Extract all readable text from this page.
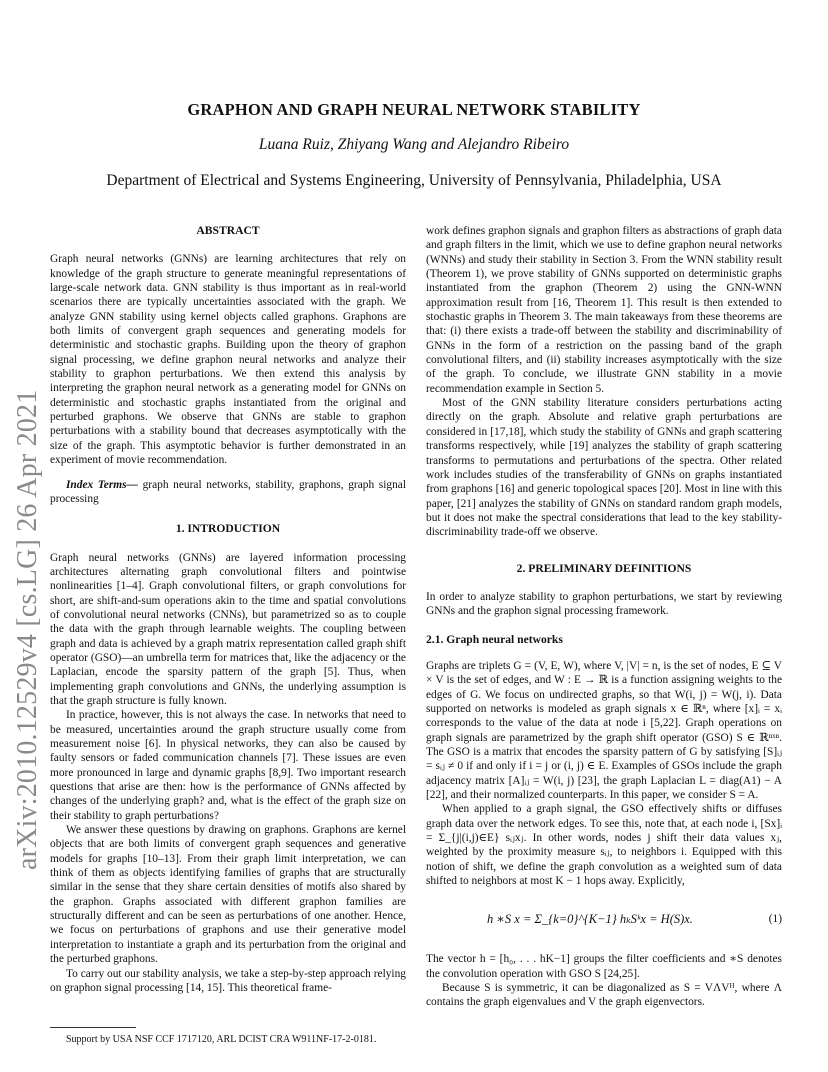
arXiv:2010.12529v4 [cs.LG] 26 Apr 2021
GRAPHON AND GRAPH NEURAL NETWORK STABILITY
Luana Ruiz, Zhiyang Wang and Alejandro Ribeiro
Department of Electrical and Systems Engineering, University of Pennsylvania, Philadelphia, USA
ABSTRACT

Graph neural networks (GNNs) are learning architectures that rely on knowledge of the graph structure to generate meaningful representations of large-scale network data. GNN stability is thus important as in real-world scenarios there are typically uncertainties associated with the graph. We analyze GNN stability using kernel objects called graphons. Graphons are both limits of convergent graph sequences and generating models for deterministic and stochastic graphs. Building upon the theory of graphon signal processing, we define graphon neural networks and analyze their stability to graphon perturbations. We then extend this analysis by interpreting the graphon neural network as a generating model for GNNs on deterministic and stochastic graphs instantiated from the original and perturbed graphons. We observe that GNNs are stable to graphon perturbations with a stability bound that decreases asymptotically with the size of the graph. This asymptotic behavior is further demonstrated in an experiment of movie recommendation.

Index Terms— graph neural networks, stability, graphons, graph signal processing

1. INTRODUCTION

Graph neural networks (GNNs) are layered information processing architectures alternating graph convolutional filters and pointwise nonlinearities [1–4]. Graph convolutional filters, or graph convolutions for short, are shift-and-sum operations akin to the time and spatial convolutions of convolutional neural networks (CNNs), but parametrized so as to couple the data with the graph through learnable weights. The coupling between graph and data is achieved by a graph matrix representation called graph shift operator (GSO)—an umbrella term for matrices that, like the adjacency or the Laplacian, encode the sparsity pattern of the graph [5]. Thus, when implementing graph convolutions and GNNs, the underlying assumption is that the graph structure is fully known.

In practice, however, this is not always the case. In networks that need to be measured, uncertainties around the graph structure usually come from measurement noise [6]. In physical networks, they can also be caused by faulty sensors or faded communication channels [7]. These issues are even more pronounced in large and dynamic graphs [8,9]. Two important research questions that arise are then: how is the performance of GNNs affected by changes of the underlying graph? and, what is the effect of the graph size on their stability to graph perturbations?

We answer these questions by drawing on graphons. Graphons are kernel objects that are both limits of convergent graph sequences and generative models for graphs [10–13]. From their graph limit interpretation, we can think of them as objects identifying families of graphs that are structurally similar in the sense that they share certain densities of motifs also shared by the graphon. Graphs associated with different graphon families are structurally different and can be seen as perturbations of one another. Hence, we focus on perturbations of graphons and use their generative model interpretation to instantiate a graph and its perturbation from the original and the perturbed graphons.

To carry out our stability analysis, we take a step-by-step approach relying on graphon signal processing [14, 15]. This theoretical frame-

work defines graphon signals and graphon filters as abstractions of graph data and graph filters in the limit, which we use to define graphon neural networks (WNNs) and study their stability in Section 3. From the WNN stability result (Theorem 1), we prove stability of GNNs supported on deterministic graphs instantiated from the graphon (Theorem 2) using the GNN-WNN approximation result from [16, Theorem 1]. This result is then extended to stochastic graphs in Theorem 3. The main takeaways from these theorems are that: (i) there exists a trade-off between the stability and discriminability of GNNs in the form of a restriction on the passing band of the graph convolutional filters, and (ii) stability increases asymptotically with the size of the graph. To conclude, we illustrate GNN stability in a movie recommendation example in Section 5.

Most of the GNN stability literature considers perturbations acting directly on the graph. Absolute and relative graph perturbations are considered in [17,18], which study the stability of GNNs and graph scattering transforms respectively, while [19] analyzes the stability of graph scattering transforms to permutations and perturbations of the spectra. Other related work includes studies of the transferability of GNNs on graphs instantiated from graphons [16] and generic topological spaces [20]. Most in line with this paper, [21] analyzes the stability of GNNs on standard random graph models, but it does not make the spectral considerations that lead to the key stability-discriminability trade-off we observe.

2. PRELIMINARY DEFINITIONS

In order to analyze stability to graphon perturbations, we start by reviewing GNNs and the graphon signal processing framework.

2.1. Graph neural networks

Graphs are triplets G = (V, E, W), where V, |V| = n, is the set of nodes, E ⊆ V × V is the set of edges, and W : E → ℝ is a function assigning weights to the edges of G. We focus on undirected graphs, so that W(i, j) = W(j, i). Data supported on networks is modeled as graph signals x ∈ ℝⁿ, where [x]ᵢ = xᵢ corresponds to the value of the data at node i [5,22]. Graph operations on graph signals are parametrized by the graph shift operator (GSO) S ∈ ℝⁿˣⁿ. The GSO is a matrix that encodes the sparsity pattern of G by satisfying [S]ᵢⱼ = sᵢⱼ ≠ 0 if and only if i = j or (i, j) ∈ E. Examples of GSOs include the graph adjacency matrix [A]ᵢⱼ = W(i, j) [23], the graph Laplacian L = diag(A1) − A [22], and their normalized counterparts. In this paper, we consider S = A.

When applied to a graph signal, the GSO effectively shifts or diffuses graph data over the network edges. To see this, note that, at each node i, [Sx]ᵢ = Σ_{j|(i,j)∈E} sᵢⱼxⱼ. In other words, nodes j shift their data values xⱼ, weighted by the proximity measure sᵢⱼ, to neighbors i. Equipped with this notion of shift, we define the graph convolution as a weighted sum of data shifted to neighbors at most K − 1 hops away. Explicitly,

h ∗S x = Σ_{k=0}^{K−1} hₖSᵏx = H(S)x.	(1)

The vector h = [h₀, . . . hK−1] groups the filter coefficients and ∗S denotes the convolution operation with GSO S [24,25].

Because S is symmetric, it can be diagonalized as S = VΛVᴴ, where Λ contains the graph eigenvalues and V the graph eigenvectors.

Support by USA NSF CCF 1717120, ARL DCIST CRA W911NF-17-2-0181.
